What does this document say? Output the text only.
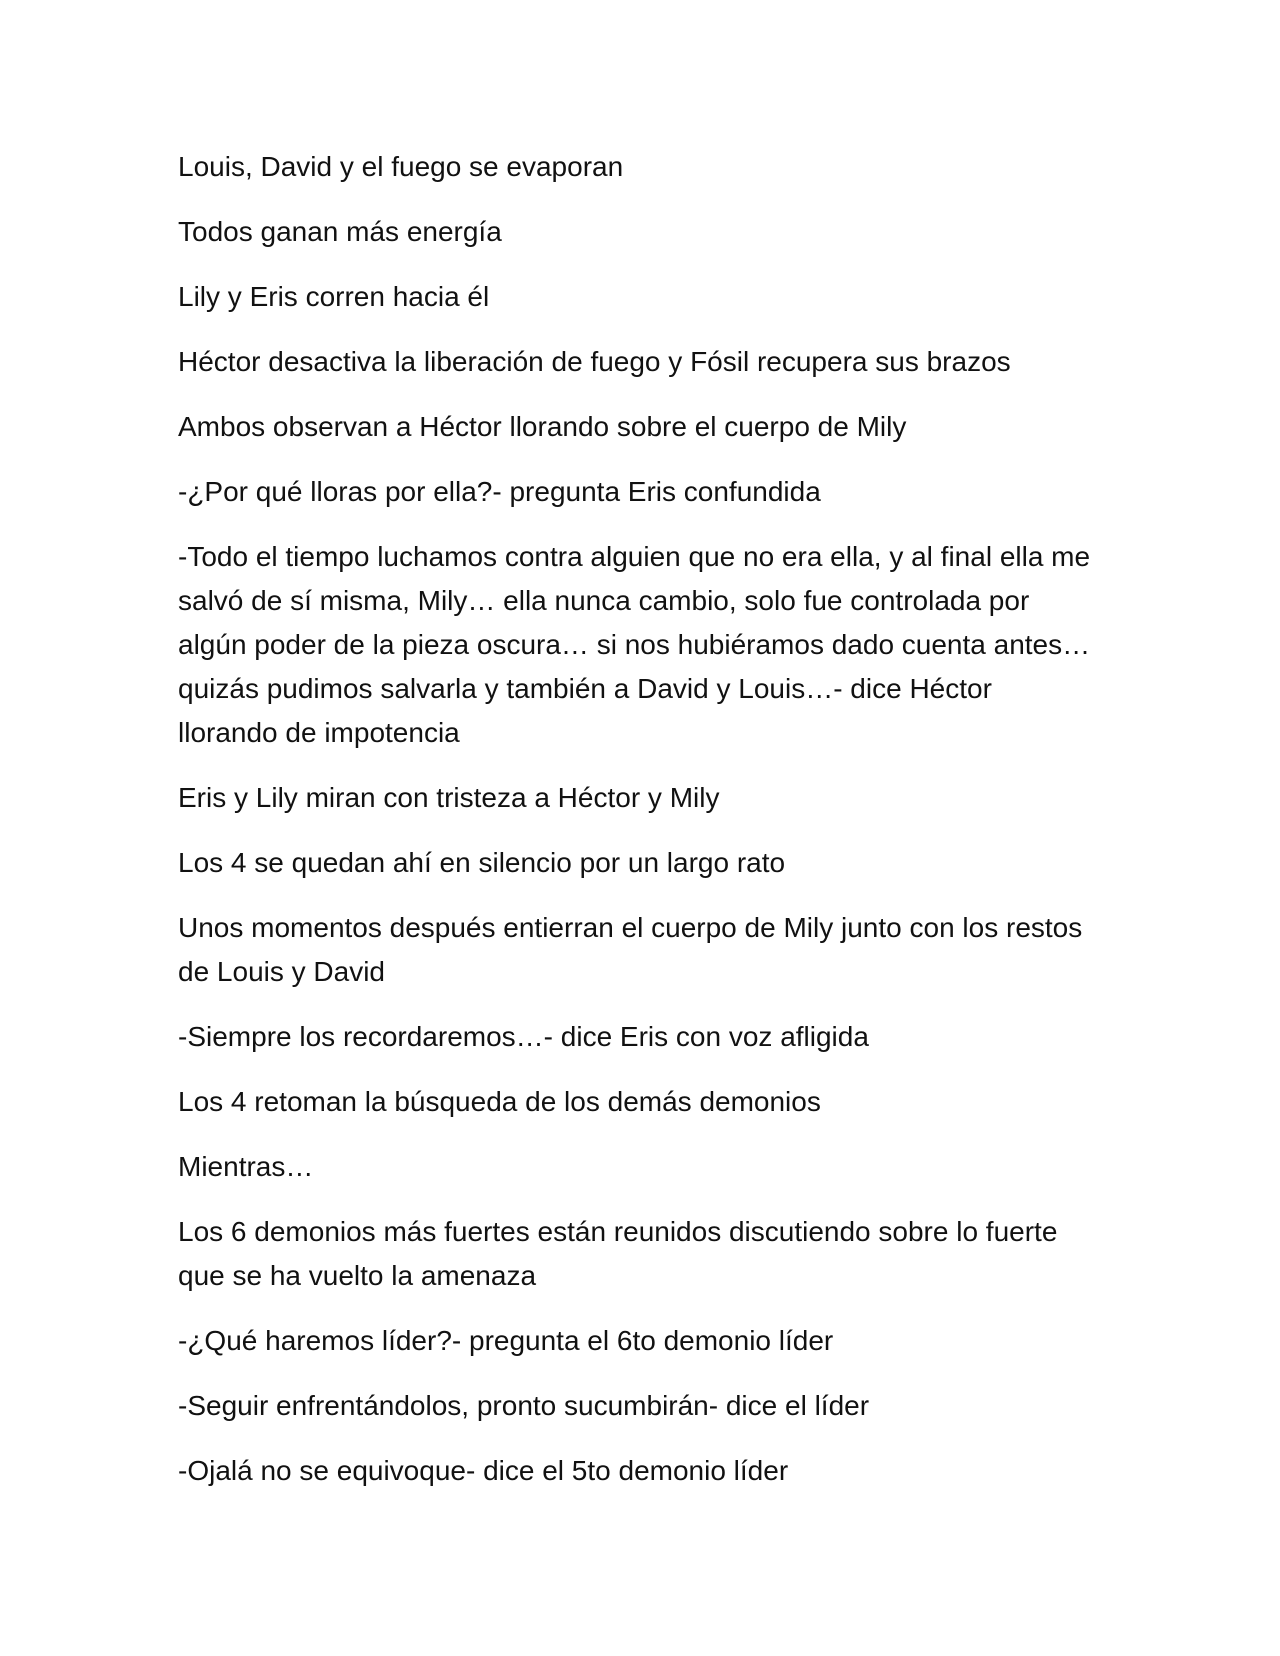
Louis, David y el fuego se evaporan

Todos ganan más energía

Lily y Eris corren hacia él

Héctor desactiva la liberación de fuego y Fósil recupera sus brazos

Ambos observan a Héctor llorando sobre el cuerpo de Mily

-¿Por qué lloras por ella?- pregunta Eris confundida

-Todo el tiempo luchamos contra alguien que no era ella, y al final ella me salvó de sí misma, Mily… ella nunca cambio, solo fue controlada por algún poder de la pieza oscura… si nos hubiéramos dado cuenta antes… quizás pudimos salvarla y también a David y Louis…- dice Héctor llorando de impotencia

Eris y Lily miran con tristeza a Héctor y Mily

Los 4 se quedan ahí en silencio por un largo rato

Unos momentos después entierran el cuerpo de Mily junto con los restos de Louis y David

-Siempre los recordaremos…- dice Eris con voz afligida

Los 4 retoman la búsqueda de los demás demonios

Mientras…

Los 6 demonios más fuertes están reunidos discutiendo sobre lo fuerte que se ha vuelto la amenaza

-¿Qué haremos líder?- pregunta el 6to demonio líder

-Seguir enfrentándolos, pronto sucumbirán- dice el líder

-Ojalá no se equivoque- dice el 5to demonio líder
